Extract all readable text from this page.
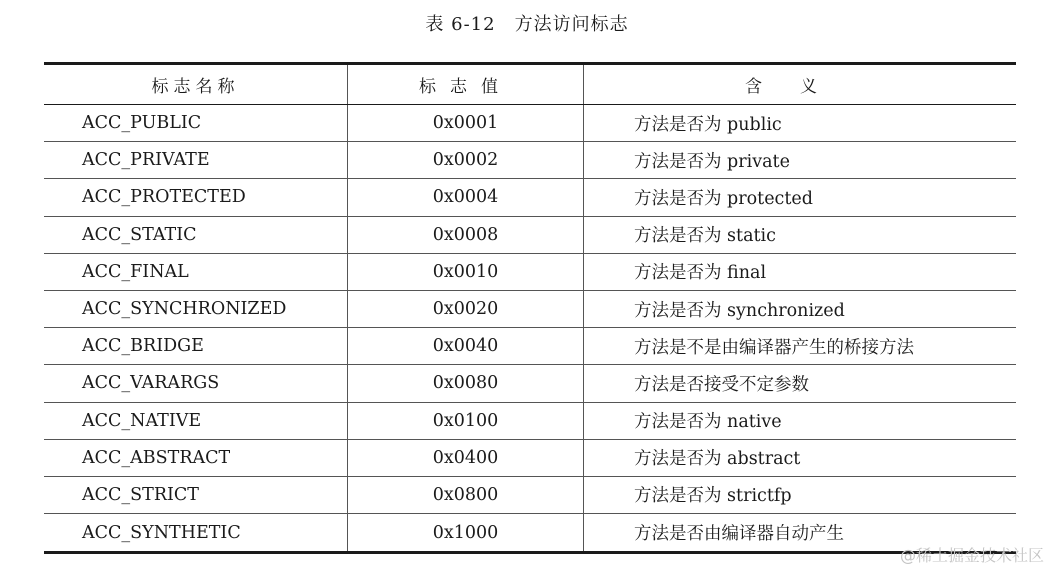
表 6-12　方法访问标志
标志名称	标志值	含义
ACC_PUBLIC	0x0001	方法是否为 public
ACC_PRIVATE	0x0002	方法是否为 private
ACC_PROTECTED	0x0004	方法是否为 protected
ACC_STATIC	0x0008	方法是否为 static
ACC_FINAL	0x0010	方法是否为 final
ACC_SYNCHRONIZED	0x0020	方法是否为 synchronized
ACC_BRIDGE	0x0040	方法是不是由编译器产生的桥接方法
ACC_VARARGS	0x0080	方法是否接受不定参数
ACC_NATIVE	0x0100	方法是否为 native
ACC_ABSTRACT	0x0400	方法是否为 abstract
ACC_STRICT	0x0800	方法是否为 strictfp
ACC_SYNTHETIC	0x1000	方法是否由编译器自动产生
@稀土掘金技术社区
